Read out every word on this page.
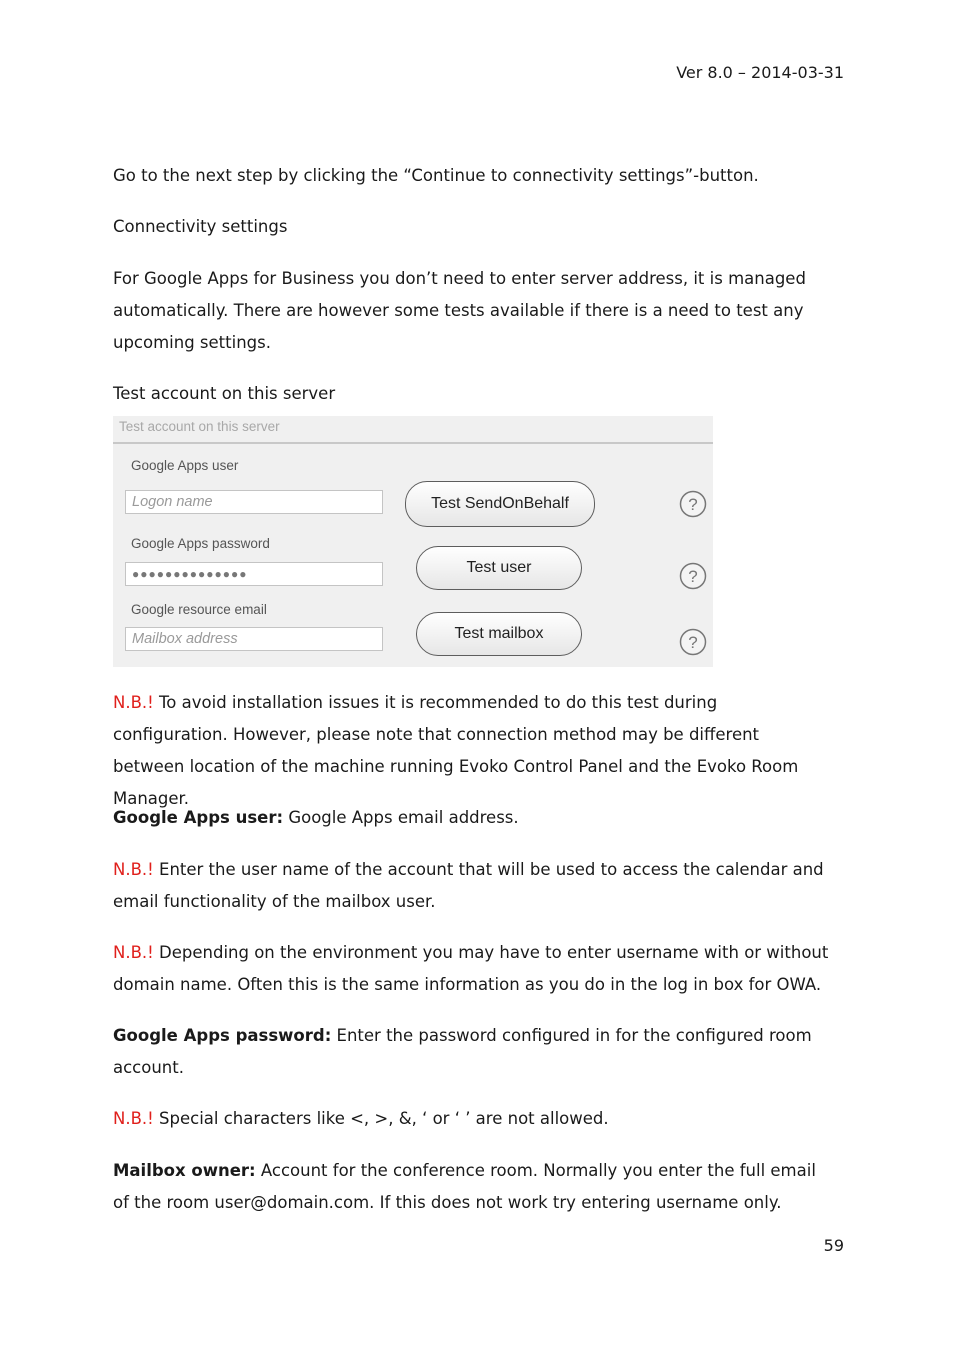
Ver 8.0 – 2014-03-31

Go to the next step by clicking the “Continue to connectivity settings”-button.

Connectivity settings

For Google Apps for Business you don’t need to enter server address, it is managed automatically. There are however some tests available if there is a need to test any upcoming settings.

Test account on this server

Test account on this server
Google Apps user
Logon name
Google Apps password
●●●●●●●●●●●●●●
Google resource email
Mailbox address
Test SendOnBehalf
Test user
Test mailbox
?
?
?

N.B.! To avoid installation issues it is recommended to do this test during configuration. However, please note that connection method may be different between location of the machine running Evoko Control Panel and the Evoko Room Manager.

Google Apps user: Google Apps email address.

N.B.! Enter the user name of the account that will be used to access the calendar and email functionality of the mailbox user.

N.B.! Depending on the environment you may have to enter username with or without domain name. Often this is the same information as you do in the log in box for OWA.

Google Apps password: Enter the password configured in for the configured room account.

N.B.! Special characters like <, >, &, ‘ or ‘ ’ are not allowed.

Mailbox owner: Account for the conference room. Normally you enter the full email of the room user@domain.com. If this does not work try entering username only.

59
